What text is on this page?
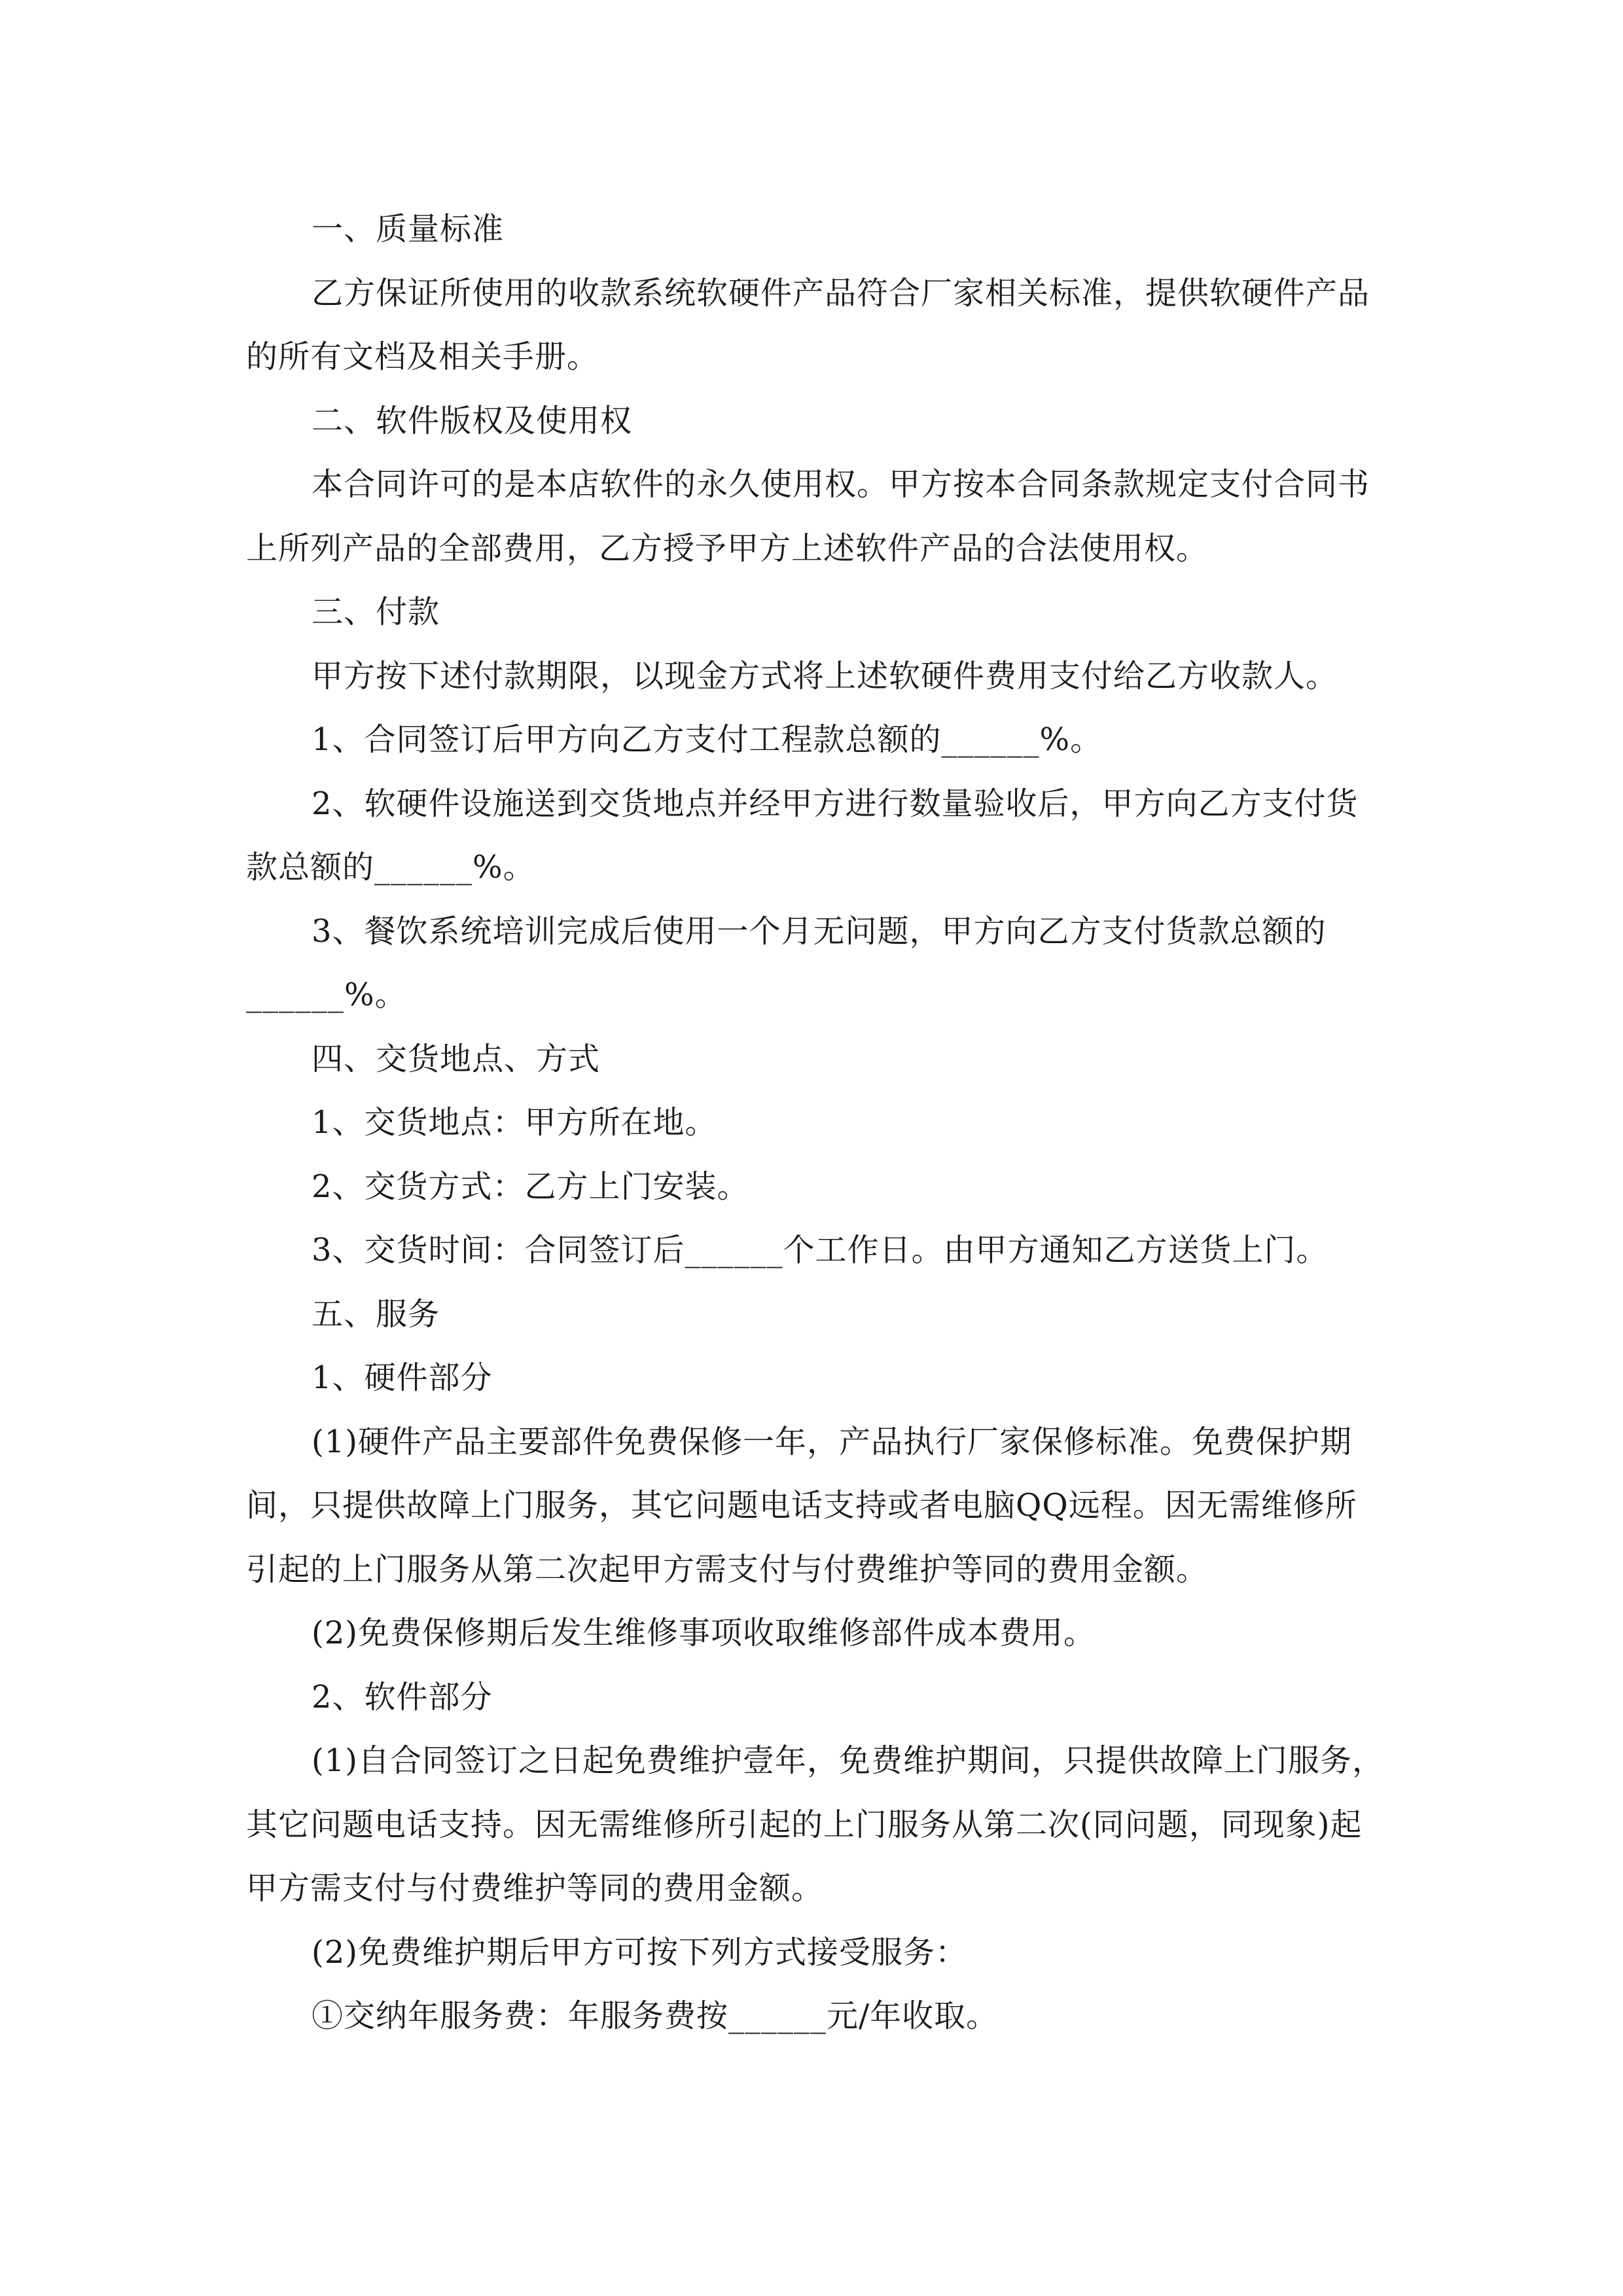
一、质量标准

乙方保证所使用的收款系统软硬件产品符合厂家相关标准，提供软硬件产品的所有文档及相关手册。

二、软件版权及使用权

本合同许可的是本店软件的永久使用权。甲方按本合同条款规定支付合同书上所列产品的全部费用，乙方授予甲方上述软件产品的合法使用权。

三、付款

甲方按下述付款期限，以现金方式将上述软硬件费用支付给乙方收款人。

1、合同签订后甲方向乙方支付工程款总额的______%。

2、软硬件设施送到交货地点并经甲方进行数量验收后，甲方向乙方支付货款总额的______%。

3、餐饮系统培训完成后使用一个月无问题，甲方向乙方支付货款总额的______%。

四、交货地点、方式

1、交货地点：甲方所在地。

2、交货方式：乙方上门安装。

3、交货时间：合同签订后______个工作日。由甲方通知乙方送货上门。

五、服务

1、硬件部分

(1)硬件产品主要部件免费保修一年，产品执行厂家保修标准。免费保护期间，只提供故障上门服务，其它问题电话支持或者电脑QQ远程。因无需维修所引起的上门服务从第二次起甲方需支付与付费维护等同的费用金额。

(2)免费保修期后发生维修事项收取维修部件成本费用。

2、软件部分

(1)自合同签订之日起免费维护壹年，免费维护期间，只提供故障上门服务，其它问题电话支持。因无需维修所引起的上门服务从第二次(同问题，同现象)起甲方需支付与付费维护等同的费用金额。

(2)免费维护期后甲方可按下列方式接受服务：

①交纳年服务费：年服务费按______元/年收取。
